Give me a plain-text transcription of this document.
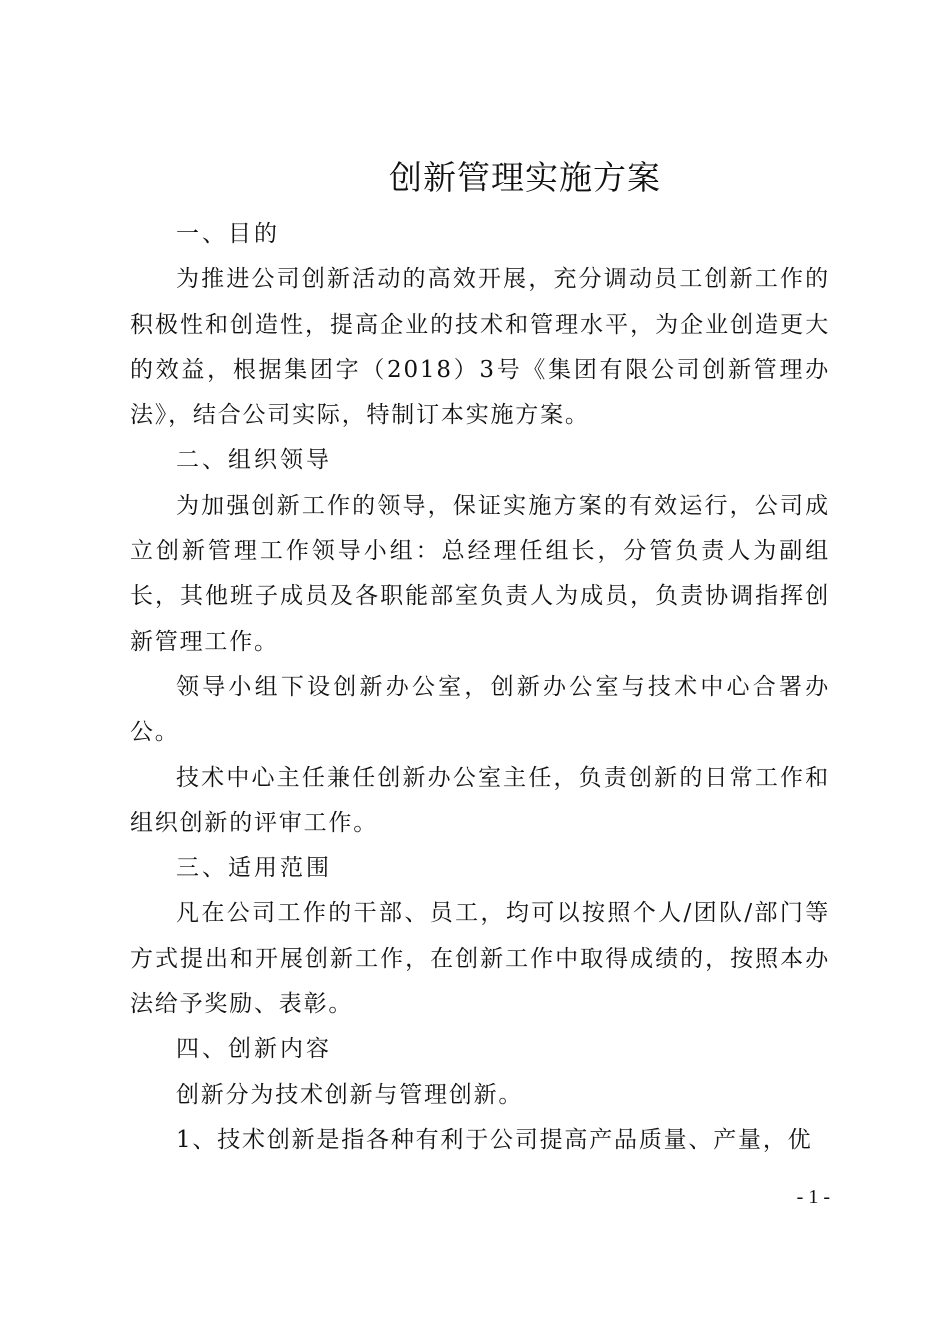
创新管理实施方案

一、目的

为推进公司创新活动的高效开展，充分调动员工创新工作的积极性和创造性，提高企业的技术和管理水平，为企业创造更大的效益，根据集团字（2018）3号《集团有限公司创新管理办法》，结合公司实际，特制订本实施方案。

二、组织领导

为加强创新工作的领导，保证实施方案的有效运行，公司成立创新管理工作领导小组：总经理任组长，分管负责人为副组长，其他班子成员及各职能部室负责人为成员，负责协调指挥创新管理工作。

领导小组下设创新办公室，创新办公室与技术中心合署办公。

技术中心主任兼任创新办公室主任，负责创新的日常工作和组织创新的评审工作。

三、适用范围

凡在公司工作的干部、员工，均可以按照个人/团队/部门等方式提出和开展创新工作，在创新工作中取得成绩的，按照本办法给予奖励、表彰。

四、创新内容

创新分为技术创新与管理创新。

1、技术创新是指各种有利于公司提高产品质量、产量，优

- 1 -
